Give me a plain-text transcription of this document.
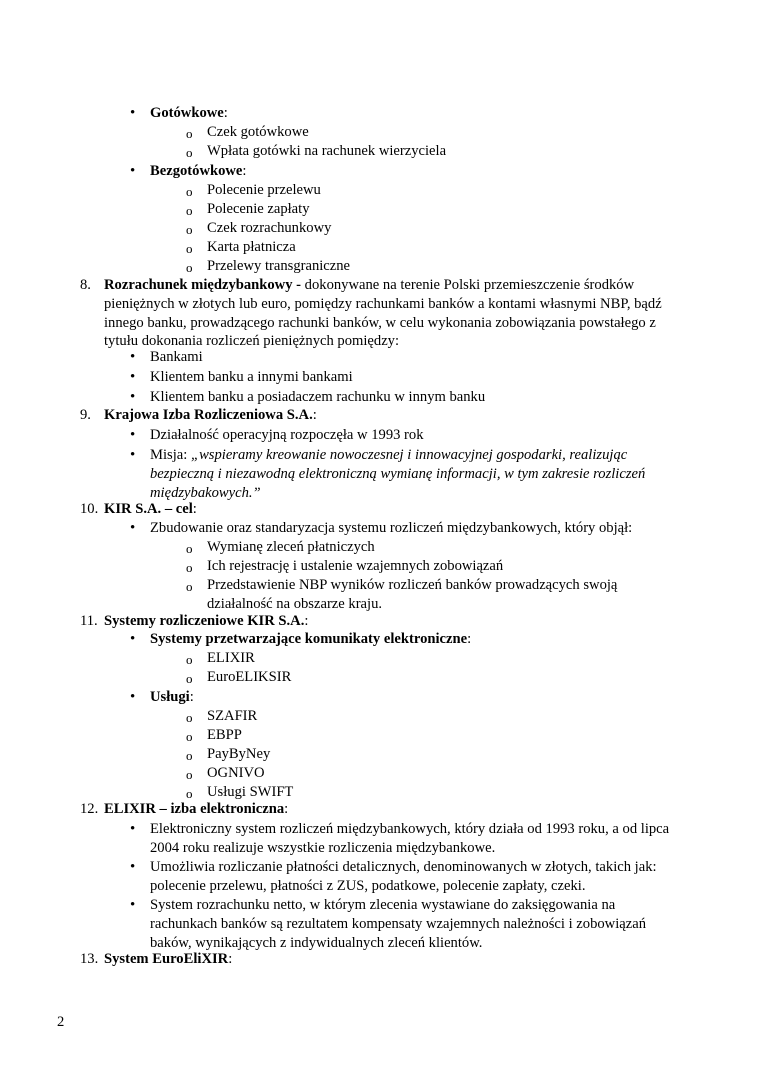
• Gotówkowe:
o Czek gotówkowe
o Wpłata gotówki na rachunek wierzyciela
• Bezgotówkowe:
o Polecenie przelewu
o Polecenie zapłaty
o Czek rozrachunkowy
o Karta płatnicza
o Przelewy transgraniczne
8. Rozrachunek międzybankowy - dokonywane na terenie Polski przemieszczenie środków
pieniężnych w złotych lub euro, pomiędzy rachunkami banków a kontami własnymi NBP, bądź
innego banku, prowadzącego rachunki banków, w celu wykonania zobowiązania powstałego z
tytułu dokonania rozliczeń pieniężnych pomiędzy:
• Bankami
• Klientem banku a innymi bankami
• Klientem banku a posiadaczem rachunku w innym banku
9. Krajowa Izba Rozliczeniowa S.A.:
• Działalność operacyjną rozpoczęła w 1993 rok
• Misja: „wspieramy kreowanie nowoczesnej i innowacyjnej gospodarki, realizując
bezpieczną i niezawodną elektroniczną wymianę informacji, w tym zakresie rozliczeń
międzybakowych.”
10. KIR S.A. – cel:
• Zbudowanie oraz standaryzacja systemu rozliczeń międzybankowych, który objął:
o Wymianę zleceń płatniczych
o Ich rejestrację i ustalenie wzajemnych zobowiązań
o Przedstawienie NBP wyników rozliczeń banków prowadzących swoją
działalność na obszarze kraju.
11. Systemy rozliczeniowe KIR S.A.:
• Systemy przetwarzające komunikaty elektroniczne:
o ELIXIR
o EuroELIKSIR
• Usługi:
o SZAFIR
o EBPP
o PayByNey
o OGNIVO
o Usługi SWIFT
12. ELIXIR – izba elektroniczna:
• Elektroniczny system rozliczeń międzybankowych, który działa od 1993 roku, a od lipca
2004 roku realizuje wszystkie rozliczenia międzybankowe.
• Umożliwia rozliczanie płatności detalicznych, denominowanych w złotych, takich jak:
polecenie przelewu, płatności z ZUS, podatkowe, polecenie zapłaty, czeki.
• System rozrachunku netto, w którym zlecenia wystawiane do zaksięgowania na
rachunkach banków są rezultatem kompensaty wzajemnych należności i zobowiązań
baków, wynikających z indywidualnych zleceń klientów.
13. System EuroEliXIR:
2
